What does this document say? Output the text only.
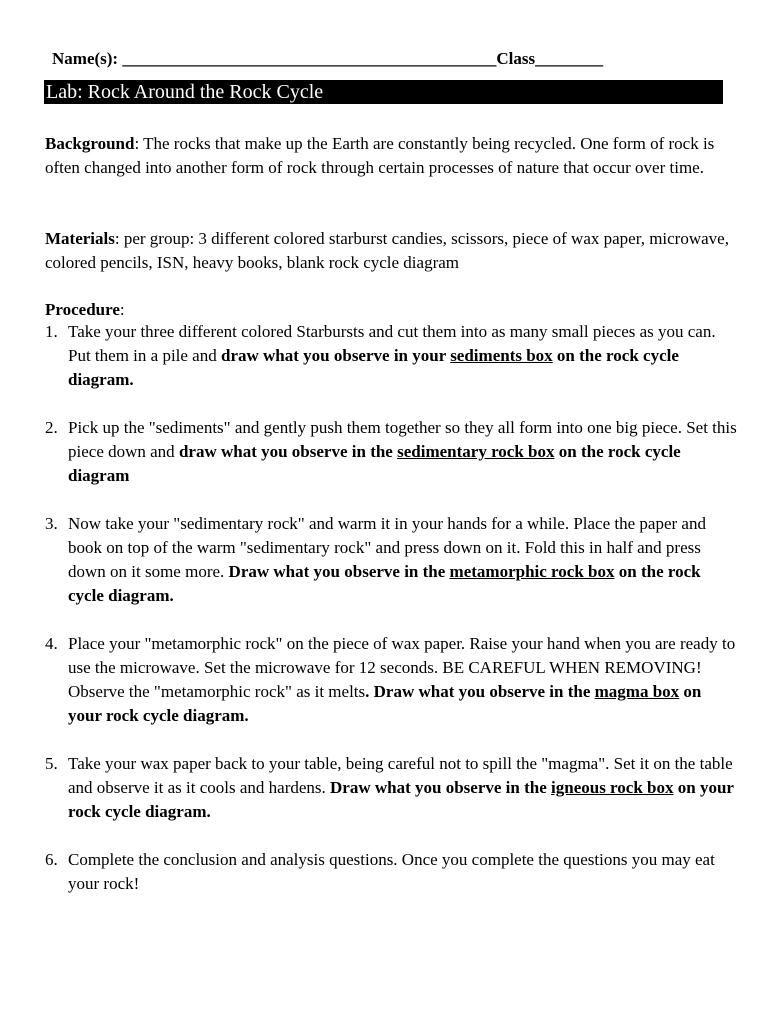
Name(s): ____________________________________________Class________
Lab: Rock Around the Rock Cycle
Background: The rocks that make up the Earth are constantly being recycled. One form of rock is often changed into another form of rock through certain processes of nature that occur over time.
Materials: per group: 3 different colored starburst candies, scissors, piece of wax paper, microwave, colored pencils, ISN, heavy books, blank rock cycle diagram
Procedure:
1. Take your three different colored Starbursts and cut them into as many small pieces as you can. Put them in a pile and draw what you observe in your sediments box on the rock cycle diagram.
2. Pick up the "sediments" and gently push them together so they all form into one big piece. Set this piece down and draw what you observe in the sedimentary rock box on the rock cycle diagram
3. Now take your "sedimentary rock" and warm it in your hands for a while. Place the paper and book on top of the warm "sedimentary rock" and press down on it. Fold this in half and press down on it some more. Draw what you observe in the metamorphic rock box on the rock cycle diagram.
4. Place your "metamorphic rock" on the piece of wax paper. Raise your hand when you are ready to use the microwave. Set the microwave for 12 seconds. BE CAREFUL WHEN REMOVING! Observe the "metamorphic rock" as it melts. Draw what you observe in the magma box on your rock cycle diagram.
5. Take your wax paper back to your table, being careful not to spill the "magma". Set it on the table and observe it as it cools and hardens. Draw what you observe in the igneous rock box on your rock cycle diagram.
6. Complete the conclusion and analysis questions. Once you complete the questions you may eat your rock!
